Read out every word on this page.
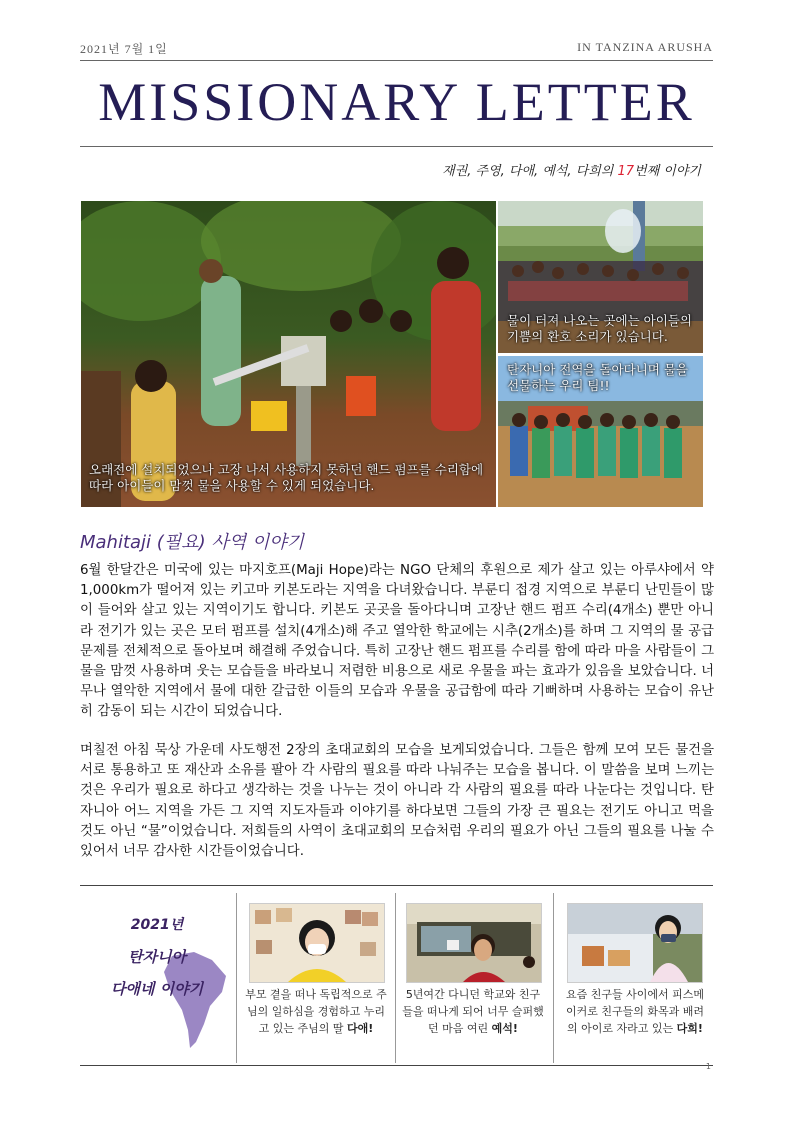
2021년 7월 1일	IN TANZINA ARUSHA
MISSIONARY LETTER
재권, 주영, 다애, 예석, 다희의 17번째 이야기
오래전에 설치되었으나 고장 나서 사용하지 못하던 핸드 펌프를 수리함에 따라 아이들이 맘껏 물을 사용할 수 있게 되었습니다.
물이 터져 나오는 곳에는 아이들의 기쁨의 환호 소리가 있습니다.
탄자니아 전역을 돌아다니며 물을 선물하는 우리 팀!!
Mahitaji (필요) 사역 이야기
6월 한달간은 미국에 있는 마지호프(Maji Hope)라는 NGO 단체의 후원으로 제가 살고 있는 아루샤에서 약 1,000km가 떨어져 있는 키고마 키본도라는 지역을 다녀왔습니다. 부룬디 접경 지역으로 부룬디 난민들이 많이 들어와 살고 있는 지역이기도 합니다. 키본도 곳곳을 돌아다니며 고장난 핸드 펌프 수리(4개소) 뿐만 아니라 전기가 있는 곳은 모터 펌프를 설치(4개소)해 주고 열악한 학교에는 시추(2개소)를 하며 그 지역의 물 공급 문제를 전체적으로 돌아보며 해결해 주었습니다. 특히 고장난 핸드 펌프를 수리를 함에 따라 마을 사람들이 그 물을 맘껏 사용하며 웃는 모습들을 바라보니 저렴한 비용으로 새로 우물을 파는 효과가 있음을 보았습니다. 너무나 열악한 지역에서 물에 대한 갈급한 이들의 모습과 우물을 공급함에 따라 기뻐하며 사용하는 모습이 유난히 감동이 되는 시간이 되었습니다.
며칠전 아침 묵상 가운데 사도행전 2장의 초대교회의 모습을 보게되었습니다. 그들은 함께 모여 모든 물건을 서로 통용하고 또 재산과 소유를 팔아 각 사람의 필요를 따라 나눠주는 모습을 봅니다. 이 말씀을 보며 느끼는 것은 우리가 필요로 하다고 생각하는 것을 나누는 것이 아니라 각 사람의 필요를 따라 나눈다는 것입니다. 탄자니아 어느 지역을 가든 그 지역 지도자들과 이야기를 하다보면 그들의 가장 큰 필요는 전기도 아니고 먹을 것도 아닌 “물”이었습니다. 저희들의 사역이 초대교회의 모습처럼 우리의 필요가 아닌 그들의 필요를 나눌 수 있어서 너무 감사한 시간들이었습니다.
2021년
탄자니아
다애네 이야기	부모 곁을 떠나 독립적으로 주님의 일하심을 경험하고 누리고 있는 주님의 딸 다애!
5년여간 다니던 학교와 친구들을 떠나게 되어 너무 슬퍼했던 마음 여린 예석!
요즘 친구들 사이에서 피스메이커로 친구들의 화목과 배려의 아이로 자라고 있는 다희!
1
